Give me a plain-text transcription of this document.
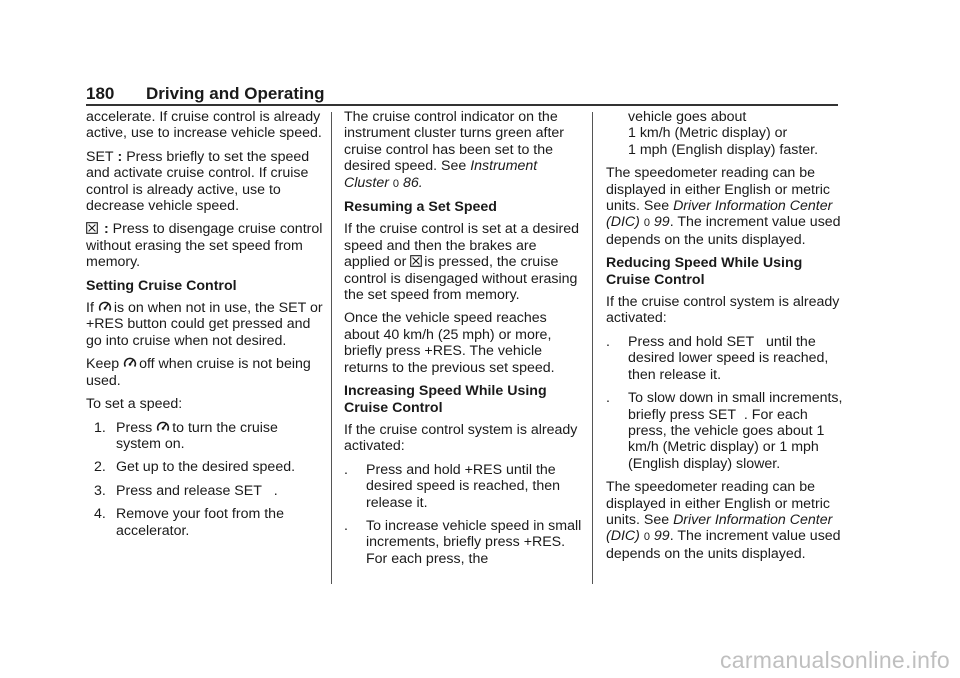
180 Driving and Operating

accelerate. If cruise control is already active, use to increase vehicle speed.

SET : Press briefly to set the speed and activate cruise control. If cruise control is already active, use to decrease vehicle speed.

: Press to disengage cruise control without erasing the set speed from memory.

Setting Cruise Control

If is on when not in use, the SET or +RES button could get pressed and go into cruise when not desired.

Keep off when cruise is not being used.

To set a speed:

1. Press to turn the cruise system on.

2. Get up to the desired speed.

3. Press and release SET .

4. Remove your foot from the accelerator.

The cruise control indicator on the instrument cluster turns green after cruise control has been set to the desired speed. See Instrument Cluster 0 86.

Resuming a Set Speed

If the cruise control is set at a desired speed and then the brakes are applied or is pressed, the cruise control is disengaged without erasing the set speed from memory.

Once the vehicle speed reaches about 40 km/h (25 mph) or more, briefly press +RES. The vehicle returns to the previous set speed.

Increasing Speed While Using Cruise Control

If the cruise control system is already activated:

. Press and hold +RES until the desired speed is reached, then release it.

. To increase vehicle speed in small increments, briefly press +RES. For each press, the

vehicle goes about

1 km/h (Metric display) or

1 mph (English display) faster.

The speedometer reading can be displayed in either English or metric units. See Driver Information Center (DIC) 0 99. The increment value used depends on the units displayed.

Reducing Speed While Using Cruise Control

If the cruise control system is already activated:

. Press and hold SET until the desired lower speed is reached, then release it.

. To slow down in small increments, briefly press SET . For each press, the vehicle goes about 1 km/h (Metric display) or 1 mph (English display) slower.

The speedometer reading can be displayed in either English or metric units. See Driver Information Center (DIC) 0 99. The increment value used depends on the units displayed.

carmanualsonline.info
